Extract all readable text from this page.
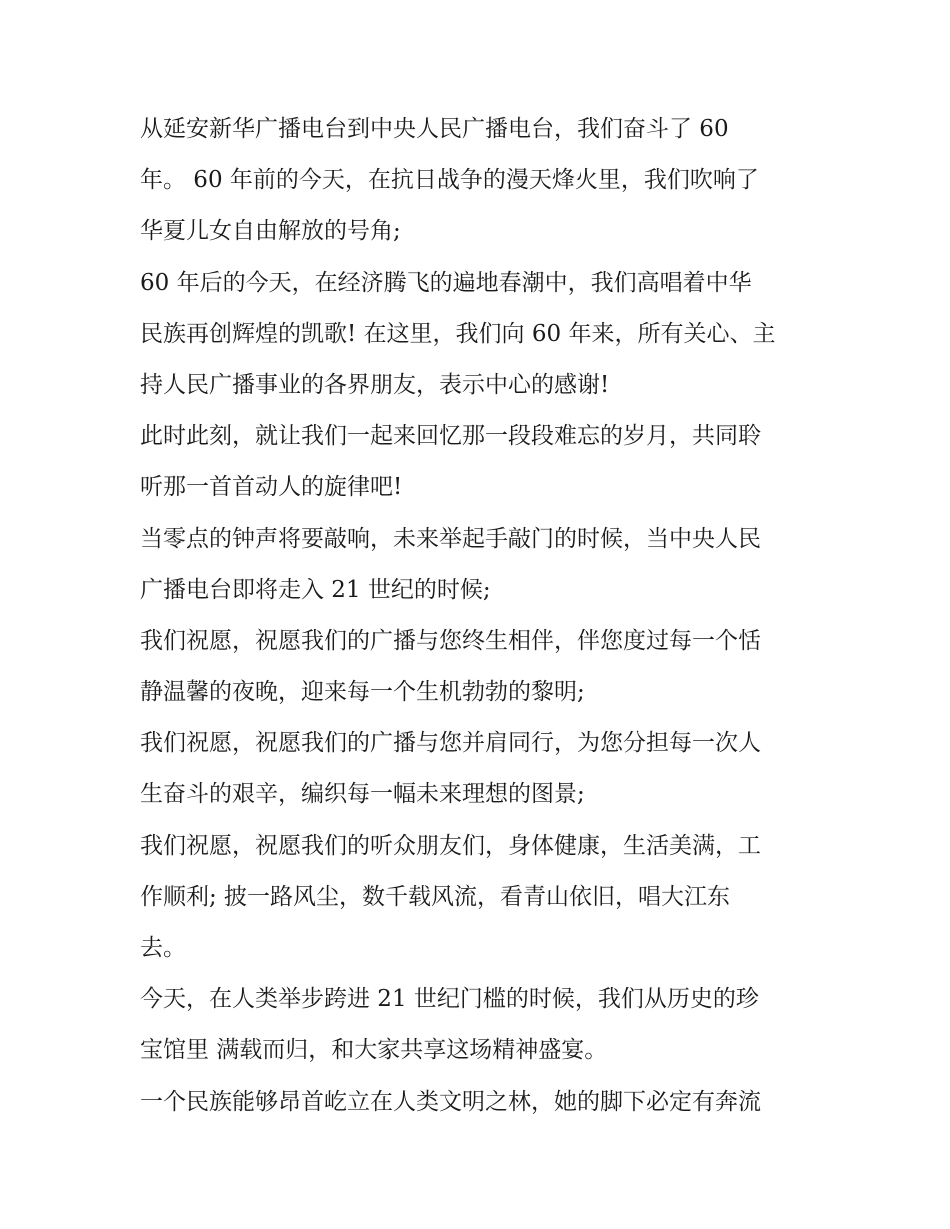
从延安新华广播电台到中央人民广播电台，我们奋斗了 60
年。 60 年前的今天，在抗日战争的漫天烽火里，我们吹响了
华夏儿女自由解放的号角;
60 年后的今天，在经济腾飞的遍地春潮中，我们高唱着中华
民族再创辉煌的凯歌! 在这里，我们向 60 年来，所有关心、主
持人民广播事业的各界朋友，表示中心的感谢!
此时此刻，就让我们一起来回忆那一段段难忘的岁月，共同聆
听那一首首动人的旋律吧!
当零点的钟声将要敲响，未来举起手敲门的时候，当中央人民
广播电台即将走入 21 世纪的时候;
我们祝愿，祝愿我们的广播与您终生相伴，伴您度过每一个恬
静温馨的夜晚，迎来每一个生机勃勃的黎明;
我们祝愿，祝愿我们的广播与您并肩同行，为您分担每一次人
生奋斗的艰辛，编织每一幅未来理想的图景;
我们祝愿，祝愿我们的听众朋友们，身体健康，生活美满，工
作顺利; 披一路风尘，数千载风流，看青山依旧，唱大江东
去。
今天，在人类举步跨进 21 世纪门槛的时候，我们从历史的珍
宝馆里 满载而归，和大家共享这场精神盛宴。
一个民族能够昂首屹立在人类文明之林，她的脚下必定有奔流
